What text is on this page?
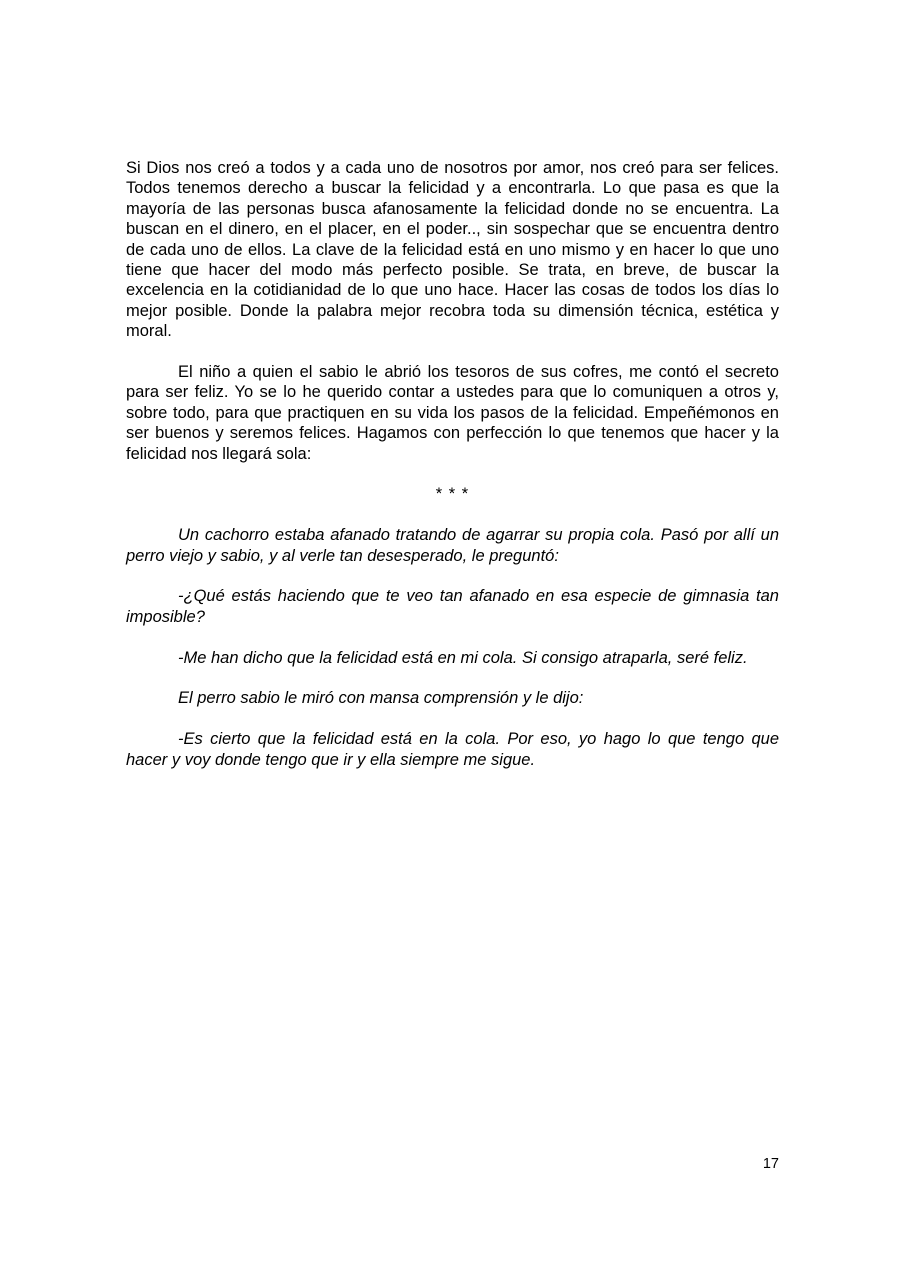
Si Dios nos creó a todos y a cada uno de nosotros por amor, nos creó para ser felices. Todos tenemos derecho a buscar la felicidad y a encontrarla. Lo que pasa es que la mayoría de las personas busca afanosamente la felicidad donde no se encuentra. La buscan en el dinero, en el placer, en el poder.., sin sospechar que se encuentra dentro de cada uno de ellos. La clave de la felicidad está en uno mismo y en hacer lo que uno tiene que hacer del modo más perfecto posible. Se trata, en breve, de buscar la excelencia en la cotidianidad de lo que uno hace. Hacer las cosas de todos los días lo mejor posible. Donde la palabra mejor recobra toda su dimensión técnica, estética y moral.

El niño a quien el sabio le abrió los tesoros de sus cofres, me contó el secreto para ser feliz. Yo se lo he querido contar a ustedes para que lo comuniquen a otros y, sobre todo, para que practiquen en su vida los pasos de la felicidad. Empeñémonos en ser buenos y seremos felices. Hagamos con perfección lo que tenemos que hacer y la felicidad nos llegará sola:

* * *

Un cachorro estaba afanado tratando de agarrar su propia cola. Pasó por allí un perro viejo y sabio, y al verle tan desesperado, le preguntó:

-¿Qué estás haciendo que te veo tan afanado en esa especie de gimnasia tan imposible?

-Me han dicho que la felicidad está en mi cola. Si consigo atraparla, seré feliz.

El perro sabio le miró con mansa comprensión y le dijo:

-Es cierto que la felicidad está en la cola. Por eso, yo hago lo que tengo que hacer y voy donde tengo que ir y ella siempre me sigue.

17
